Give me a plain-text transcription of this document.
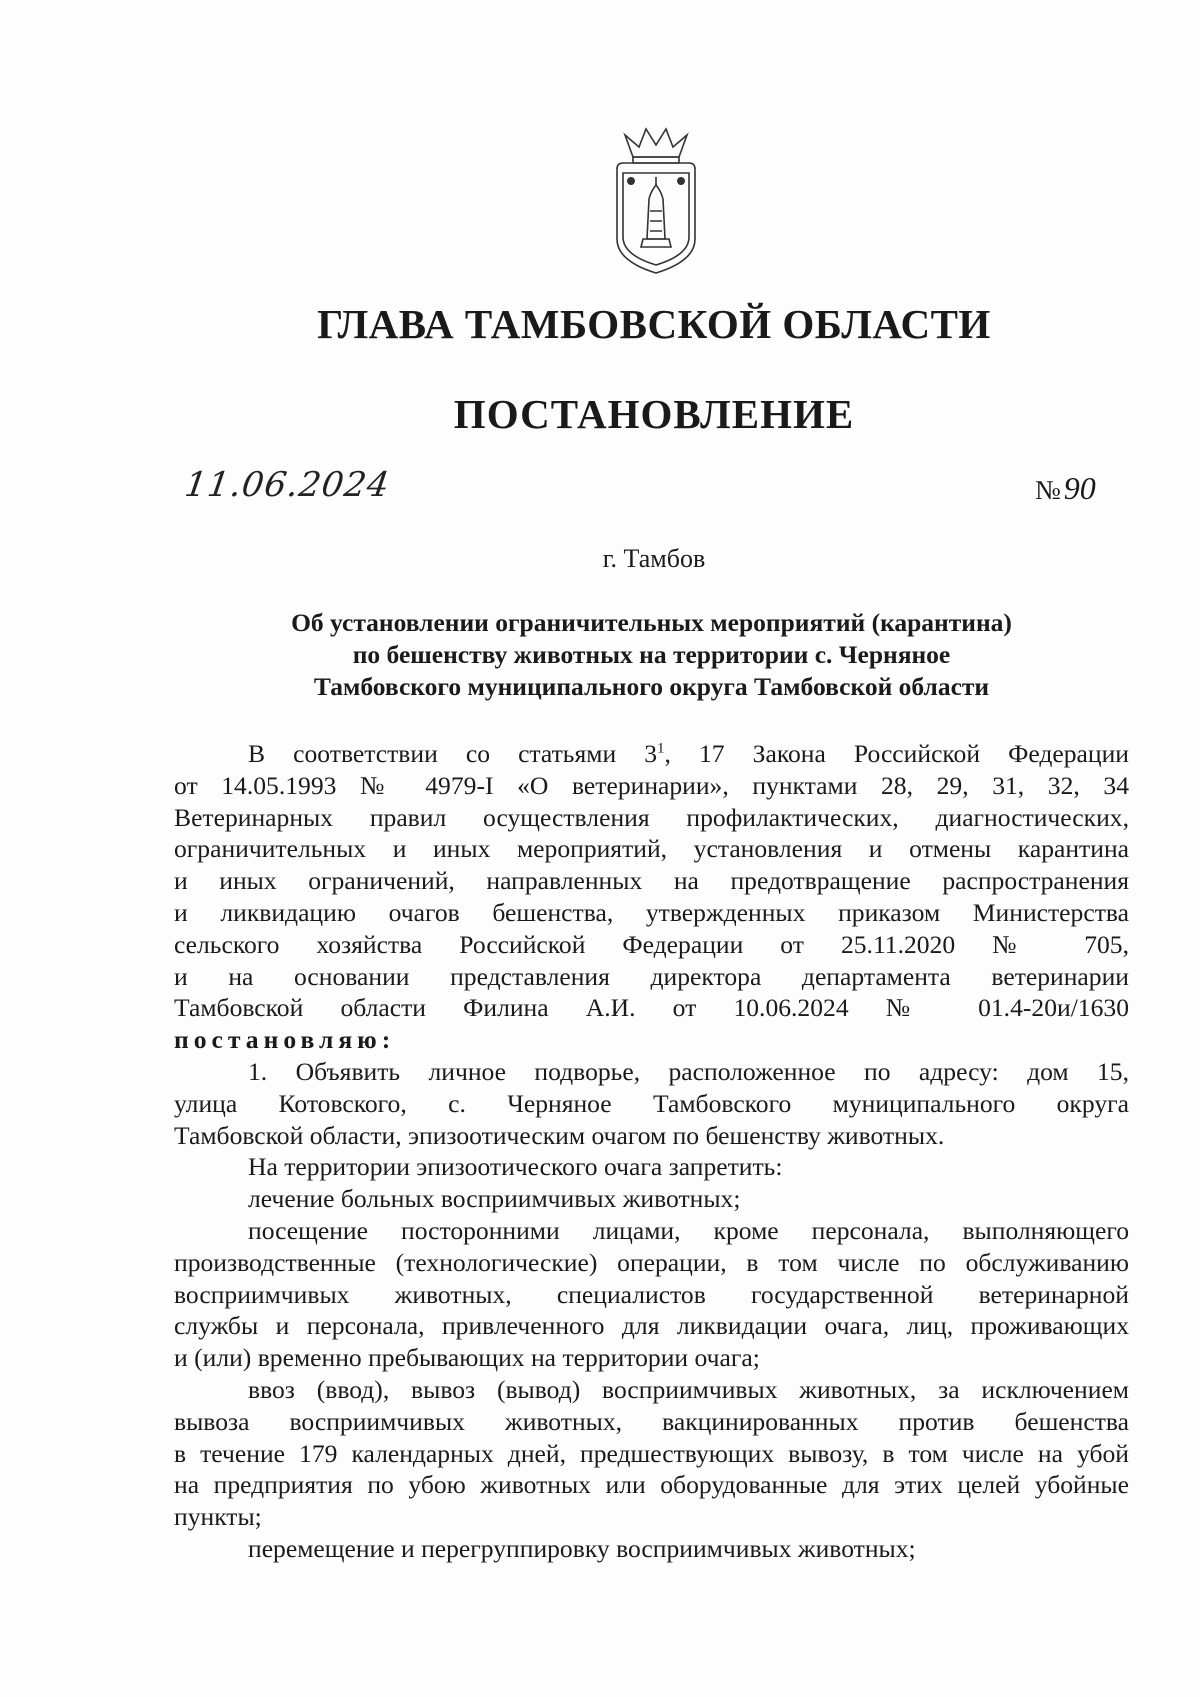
ГЛАВА ТАМБОВСКОЙ ОБЛАСТИ
ПОСТАНОВЛЕНИЕ
11.06.2024	№90
г. Тамбов
Об установлении ограничительных мероприятий (карантина)
по бешенству животных на территории с. Черняное
Тамбовского муниципального округа Тамбовской области

В соответствии со статьями $3^1$, 17 Закона Российской Федерации

от 14.05.1993 № 4979-I «О ветеринарии», пунктами 28, 29, 31, 32, 34

Ветеринарных правил осуществления профилактических, диагностических,

ограничительных и иных мероприятий, установления и отмены карантина

и иных ограничений, направленных на предотвращение распространения

и ликвидацию очагов бешенства, утвержденных приказом Министерства

сельского хозяйства Российской Федерации от 25.11.2020 № 705,

и на основании представления директора департамента ветеринарии

Тамбовской области Филина А.И. от 10.06.2024 № 01.4-20и/1630

постановляю:

1. Объявить личное подворье, расположенное по адресу: дом 15,

улица Котовского, с. Черняное Тамбовского муниципального округа

Тамбовской области, эпизоотическим очагом по бешенству животных.

На территории эпизоотического очага запретить:

лечение больных восприимчивых животных;

посещение посторонними лицами, кроме персонала, выполняющего

производственные (технологические) операции, в том числе по обслуживанию

восприимчивых животных, специалистов государственной ветеринарной

службы и персонала, привлеченного для ликвидации очага, лиц, проживающих

и (или) временно пребывающих на территории очага;

ввоз (ввод), вывоз (вывод) восприимчивых животных, за исключением

вывоза восприимчивых животных, вакцинированных против бешенства

в течение 179 календарных дней, предшествующих вывозу, в том числе на убой

на предприятия по убою животных или оборудованные для этих целей убойные

пункты;

перемещение и перегруппировку восприимчивых животных;
